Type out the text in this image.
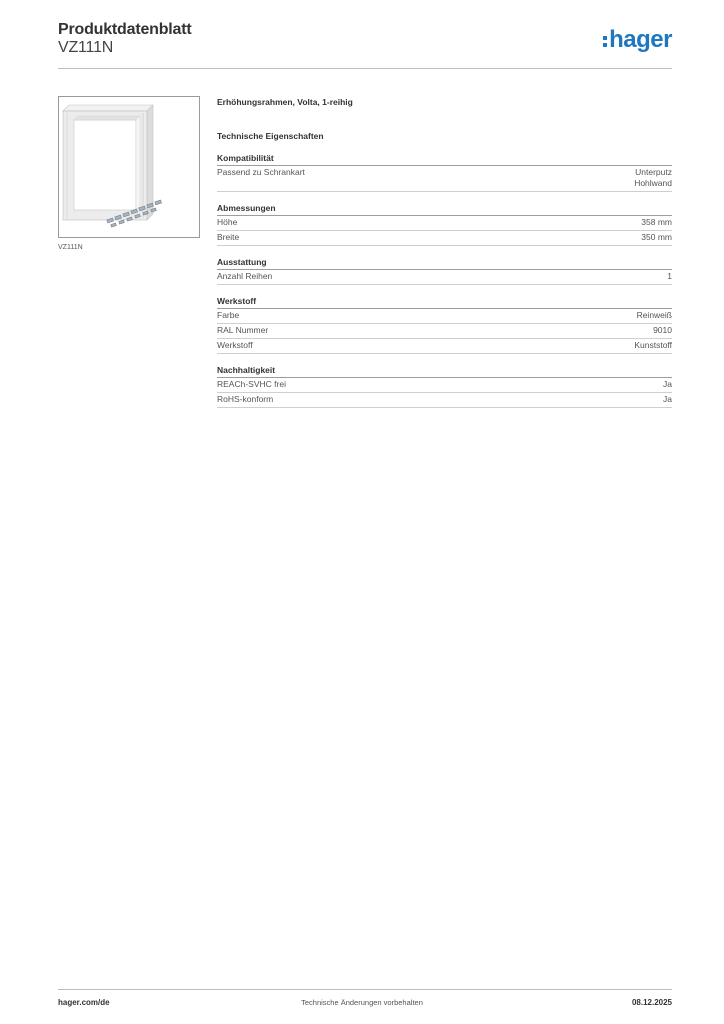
Produktdatenblatt
VZ111N	hager
VZ111N
Erhöhungsrahmen, Volta, 1-reihig
Technische Eigenschaften
Kompatibilität
Passend zu Schrankart	Unterputz
Hohlwand
Abmessungen
Höhe	358 mm
Breite	350 mm
Ausstattung
Anzahl Reihen	1
Werkstoff
Farbe	Reinweiß
RAL Nummer	9010
Werkstoff	Kunststoff
Nachhaltigkeit
REACh-SVHC frei	Ja
RoHS-konform	Ja
hager.com/de	Technische Änderungen vorbehalten	08.12.2025
